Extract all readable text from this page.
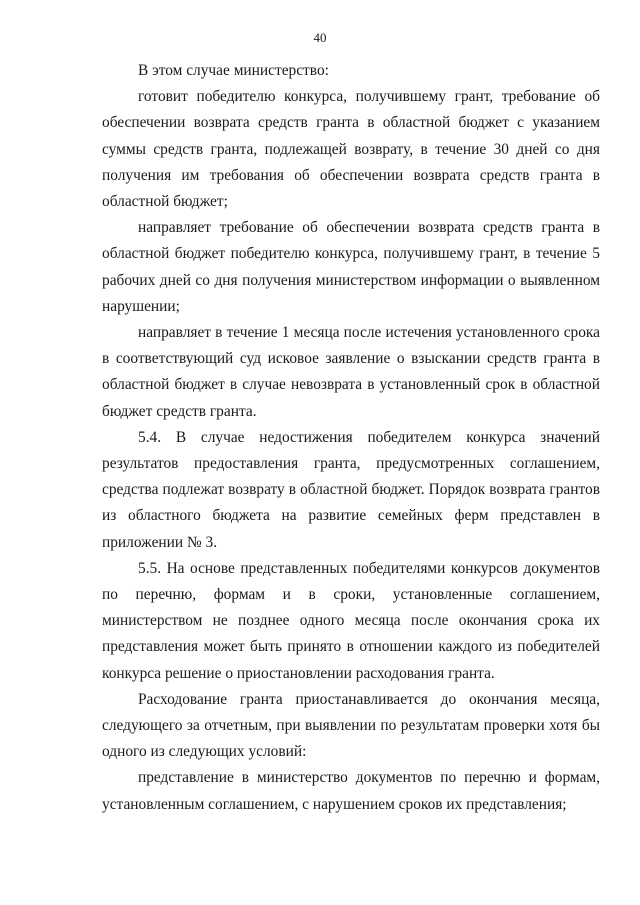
40

В этом случае министерство:

готовит победителю конкурса, получившему грант, требование об обеспечении возврата средств гранта в областной бюджет с указанием суммы средств гранта, подлежащей возврату, в течение 30 дней со дня получения им требования об обеспечении возврата средств гранта в областной бюджет;

направляет требование об обеспечении возврата средств гранта в областной бюджет победителю конкурса, получившему грант, в течение 5 рабочих дней со дня получения министерством информации о выявленном нарушении;

направляет в течение 1 месяца после истечения установленного срока в соответствующий суд исковое заявление о взыскании средств гранта в областной бюджет в случае невозврата в установленный срок в областной бюджет средств гранта.

5.4. В случае недостижения победителем конкурса значений результатов предоставления гранта, предусмотренных соглашением, средства подлежат возврату в областной бюджет. Порядок возврата грантов из областного бюджета на развитие семейных ферм представлен в приложении № 3.

5.5. На основе представленных победителями конкурсов документов по перечню, формам и в сроки, установленные соглашением, министерством не позднее одного месяца после окончания срока их представления может быть принято в отношении каждого из победителей конкурса решение о приостановлении расходования гранта.

Расходование гранта приостанавливается до окончания месяца, следующего за отчетным, при выявлении по результатам проверки хотя бы одного из следующих условий:

представление в министерство документов по перечню и формам, установленным соглашением, с нарушением сроков их представления;
